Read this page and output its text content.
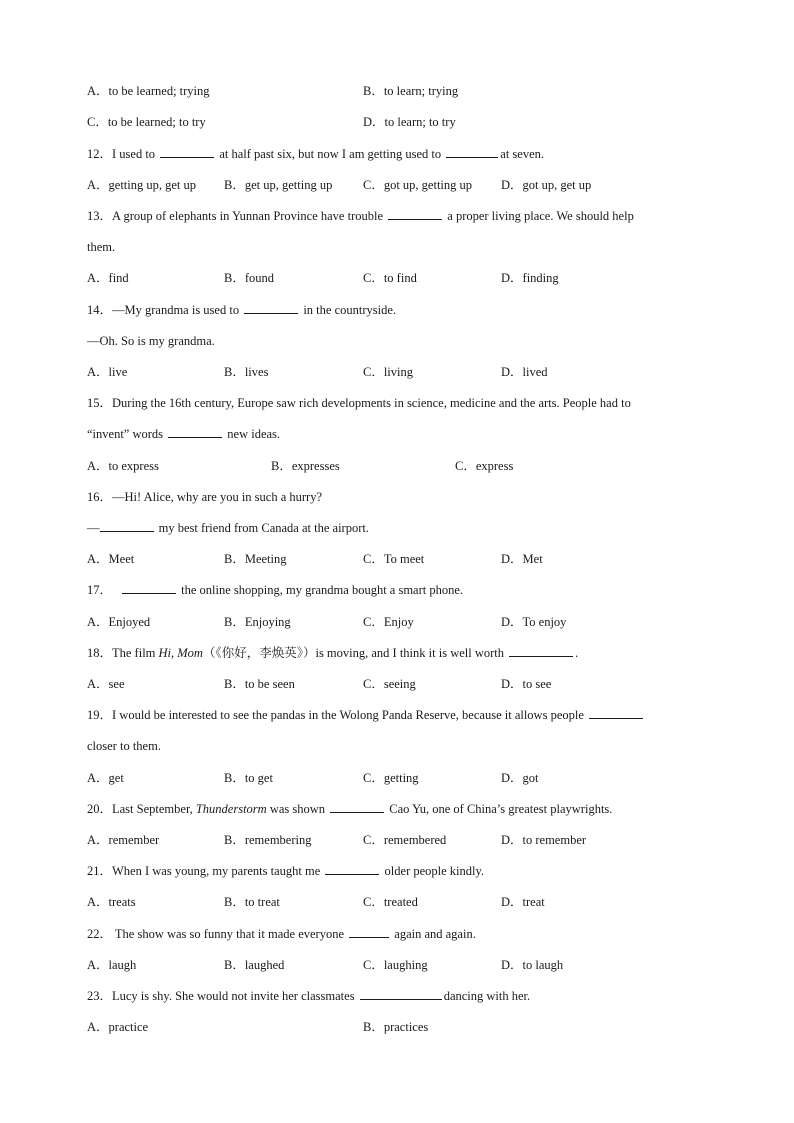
A．to be learned; trying	B．to learn; trying
C．to be learned; to try	D．to learn; to try
12．I used to	at half past six, but now I am getting used to	at seven.
A．getting up, get up B．get up, getting up C．got up, getting up D．got up, get up
13．A group of elephants in Yunnan Province have trouble	a proper living place. We should help
them.
A．find	B．found	C．to find	D．finding
14．—My grandma is used to	in the countryside.
—Oh. So is my grandma.
A．live	B．lives	C．living	D．lived
15．During the 16th century, Europe saw rich developments in science, medicine and the arts. People had to
“invent” words	new ideas.
A．to express	B．expresses	C．express
16．—Hi! Alice, why are you in such a hurry?
—	my best friend from Canada at the airport.
A．Meet	B．Meeting	C．To meet	D．Met
17．	the online shopping, my grandma bought a smart phone.
A．Enjoyed	B．Enjoying	C．Enjoy	D．To enjoy
18．The film Hi, Mom（《你好，李焕英》）is moving, and I think it is well worth	.
A．see	B．to be seen	C．seeing	D．to see
19．I would be interested to see the pandas in the Wolong Panda Reserve, because it allows people
closer to them.
A．get	B．to get	C．getting	D．got
20．Last September, Thunderstorm was shown	Cao Yu, one of China’s greatest playwrights.
A．remember	B．remembering	C．remembered	D．to remember
21．When I was young, my parents taught me	older people kindly.
A．treats	B．to treat	C．treated	D．treat
22． The show was so funny that it made everyone	again and again.
A．laugh	B．laughed	C．laughing	D．to laugh
23．Lucy is shy. She would not invite her classmates	dancing with her.
A．practice	B．practices
